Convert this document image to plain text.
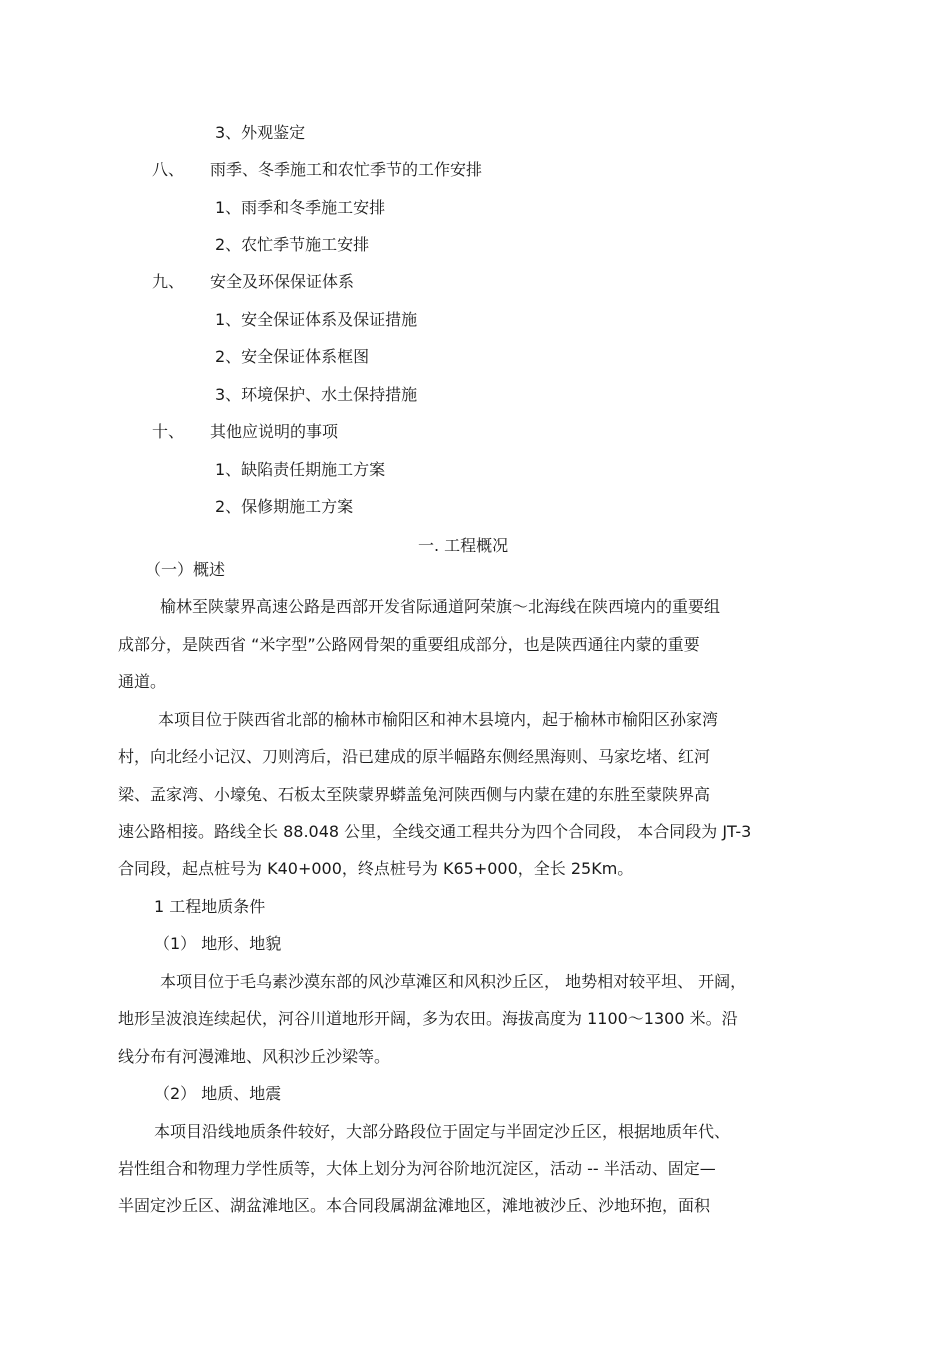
3、外观鉴定
八、 雨季、冬季施工和农忙季节的工作安排
1、雨季和冬季施工安排
2、农忙季节施工安排
九、 安全及环保保证体系
1、安全保证体系及保证措施
2、安全保证体系框图
3、环境保护、水土保持措施
十、 其他应说明的事项
1、缺陷责任期施工方案
2、保修期施工方案
一. 工程概况
（一）概述
榆林至陕蒙界高速公路是西部开发省际通道阿荣旗～北海线在陕西境内的重要组
成部分，是陕西省 “米字型”公路网骨架的重要组成部分，也是陕西通往内蒙的重要
通道。
本项目位于陕西省北部的榆林市榆阳区和神木县境内，起于榆林市榆阳区孙家湾
村，向北经小记汉、刀则湾后，沿已建成的原半幅路东侧经黑海则、马家圪堵、红河
梁、孟家湾、小壕兔、石板太至陕蒙界蟒盖兔河陕西侧与内蒙在建的东胜至蒙陕界高
速公路相接。路线全长 88.048 公里，全线交通工程共分为四个合同段， 本合同段为 JT-3
合同段，起点桩号为 K40+000，终点桩号为 K65+000，全长 25Km。
1 工程地质条件
（1） 地形、地貌
本项目位于毛乌素沙漠东部的风沙草滩区和风积沙丘区， 地势相对较平坦、 开阔，
地形呈波浪连续起伏，河谷川道地形开阔，多为农田。海拔高度为 1100～1300 米。沿
线分布有河漫滩地、风积沙丘沙梁等。
（2） 地质、地震
本项目沿线地质条件较好，大部分路段位于固定与半固定沙丘区，根据地质年代、
岩性组合和物理力学性质等，大体上划分为河谷阶地沉淀区，活动 -- 半活动、固定—
半固定沙丘区、湖盆滩地区。本合同段属湖盆滩地区，滩地被沙丘、沙地环抱，面积
